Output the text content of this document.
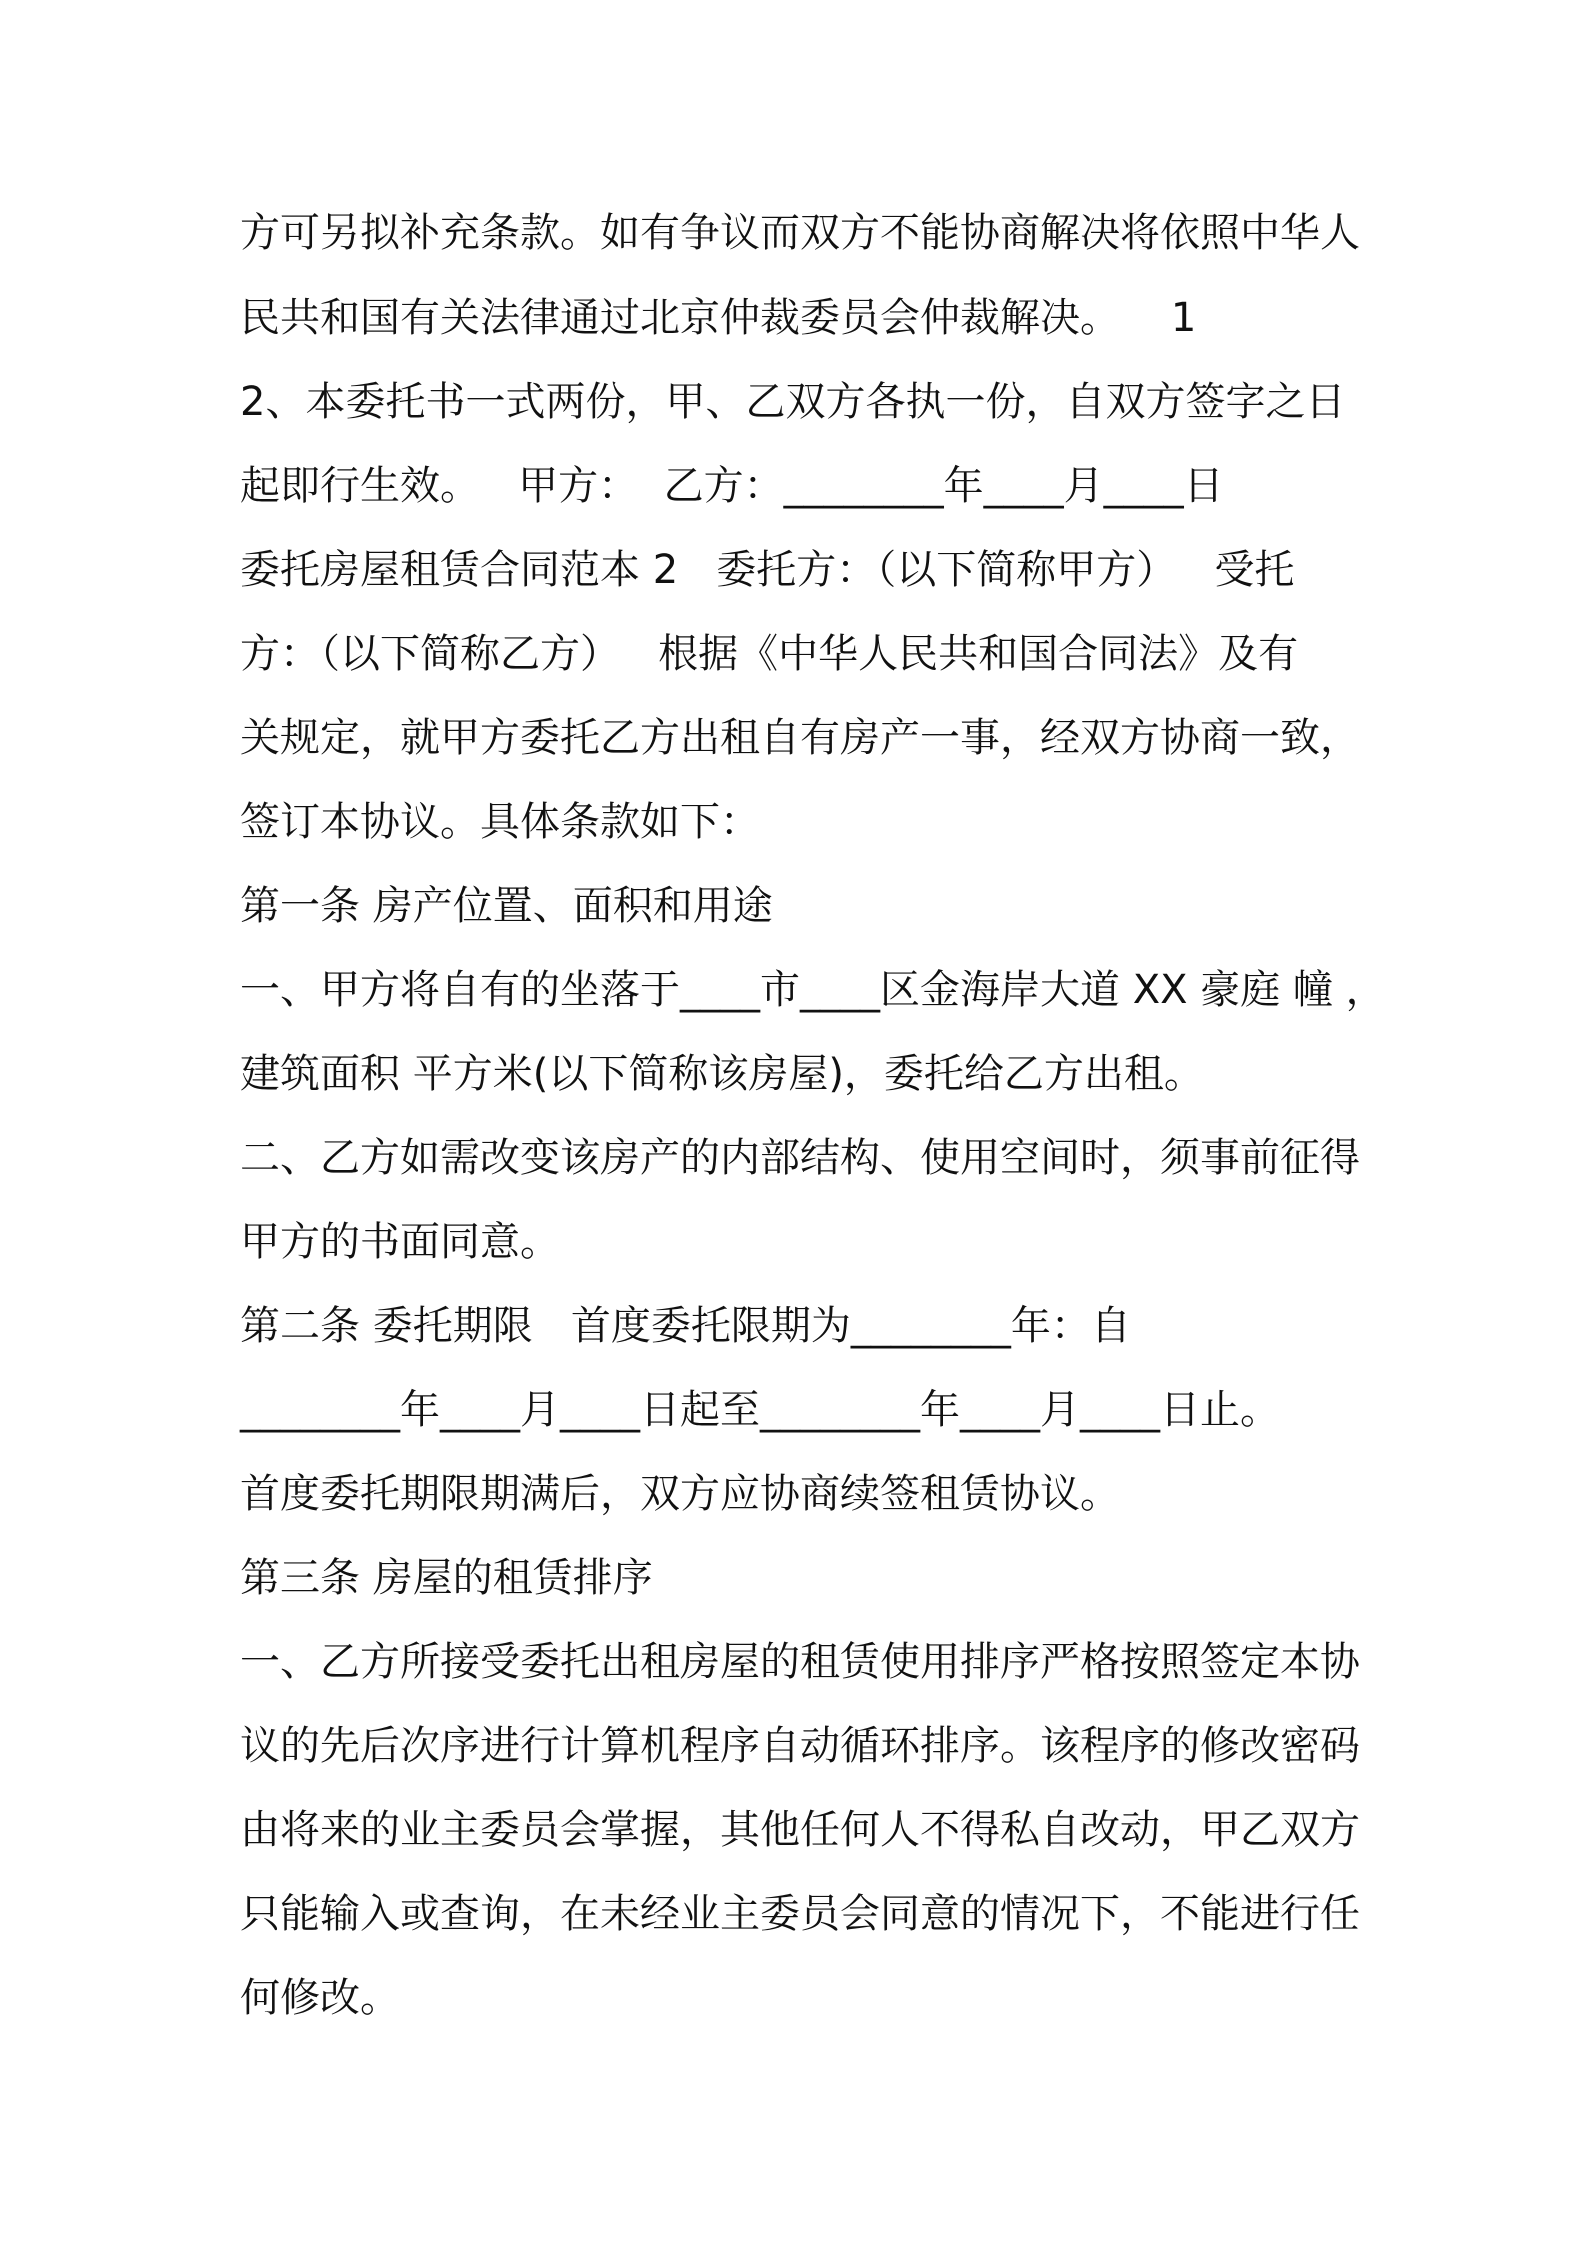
方可另拟补充条款。如有争议而双方不能协商解决将依照中华人
民共和国有关法律通过北京仲裁委员会仲裁解决。    1
2、本委托书一式两份，甲、乙双方各执一份，自双方签字之日
起即行生效。   甲方：  乙方：________年____月____日
委托房屋租赁合同范本 2   委托方：（以下简称甲方）   受托
方：（以下简称乙方）   根据《中华人民共和国合同法》及有
关规定，就甲方委托乙方出租自有房产一事，经双方协商一致，
签订本协议。具体条款如下：
第一条 房产位置、面积和用途
一、甲方将自有的坐落于____市____区金海岸大道 XX 豪庭 幢 ，
建筑面积 平方米(以下简称该房屋)，委托给乙方出租。
二、乙方如需改变该房产的内部结构、使用空间时，须事前征得
甲方的书面同意。
第二条 委托期限   首度委托限期为________年：自
________年____月____日起至________年____月____日止。
首度委托期限期满后，双方应协商续签租赁协议。
第三条 房屋的租赁排序
一、乙方所接受委托出租房屋的租赁使用排序严格按照签定本协
议的先后次序进行计算机程序自动循环排序。该程序的修改密码
由将来的业主委员会掌握，其他任何人不得私自改动，甲乙双方
只能输入或查询，在未经业主委员会同意的情况下，不能进行任
何修改。
